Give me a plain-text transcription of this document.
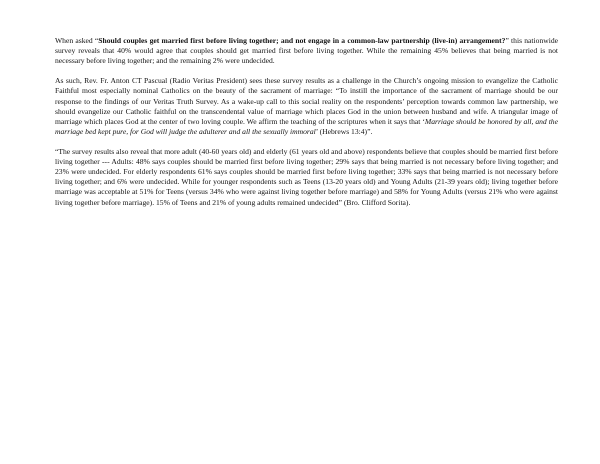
When asked “Should couples get married first before living together; and not engage in a common-law partnership (live-in) arrangement?” this nationwide survey reveals that 40% would agree that couples should get married first before living together. While the remaining 45% believes that being married is not necessary before living together; and the remaining 2% were undecided.

As such, Rev. Fr. Anton CT Pascual (Radio Veritas President) sees these survey results as a challenge in the Church’s ongoing mission to evangelize the Catholic Faithful most especially nominal Catholics on the beauty of the sacrament of marriage: “To instill the importance of the sacrament of marriage should be our response to the findings of our Veritas Truth Survey. As a wake-up call to this social reality on the respondents’ perception towards common law partnership, we should evangelize our Catholic faithful on the transcendental value of marriage which places God in the union between husband and wife. A triangular image of marriage which places God at the center of two loving couple. We affirm the teaching of the scriptures when it says that ‘Marriage should be honored by all, and the marriage bed kept pure, for God will judge the adulterer and all the sexually immoral’ (Hebrews 13:4)”.

“The survey results also reveal that more adult (40-60 years old) and elderly (61 years old and above) respondents believe that couples should be married first before living together --- Adults: 48% says couples should be married first before living together; 29% says that being married is not necessary before living together; and 23% were undecided. For elderly respondents 61% says couples should be married first before living together; 33% says that being married is not necessary before living together; and 6% were undecided. While for younger respondents such as Teens (13-20 years old) and Young Adults (21-39 years old); living together before marriage was acceptable at 51% for Teens (versus 34% who were against living together before marriage) and 58% for Young Adults (versus 21% who were against living together before marriage). 15% of Teens and 21% of young adults remained undecided” (Bro. Clifford Sorita).
